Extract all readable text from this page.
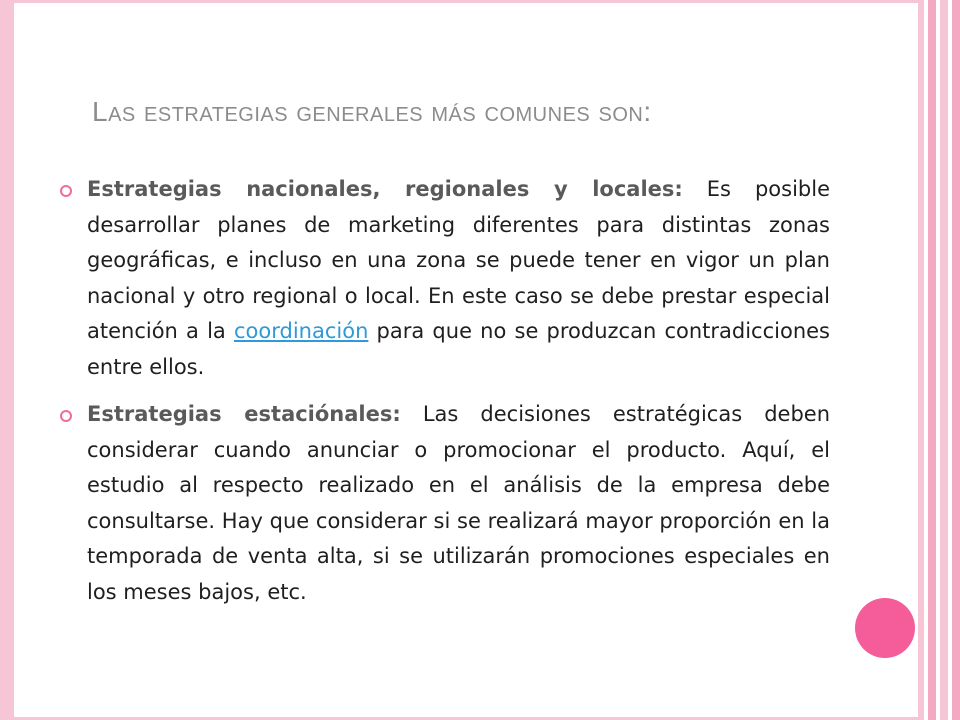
Las estrategias generales más comunes son:
Estrategias nacionales, regionales y locales: Es posible desarrollar planes de marketing diferentes para distintas zonas geográficas, e incluso en una zona se puede tener en vigor un plan nacional y otro regional o local. En este caso se debe prestar especial atención a la coordinación para que no se produzcan contradicciones entre ellos.
Estrategias estaciónales: Las decisiones estratégicas deben considerar cuando anunciar o promocionar el producto. Aquí, el estudio al respecto realizado en el análisis de la empresa debe consultarse. Hay que considerar si se realizará mayor proporción en la temporada de venta alta, si se utilizarán promociones especiales en los meses bajos, etc.
